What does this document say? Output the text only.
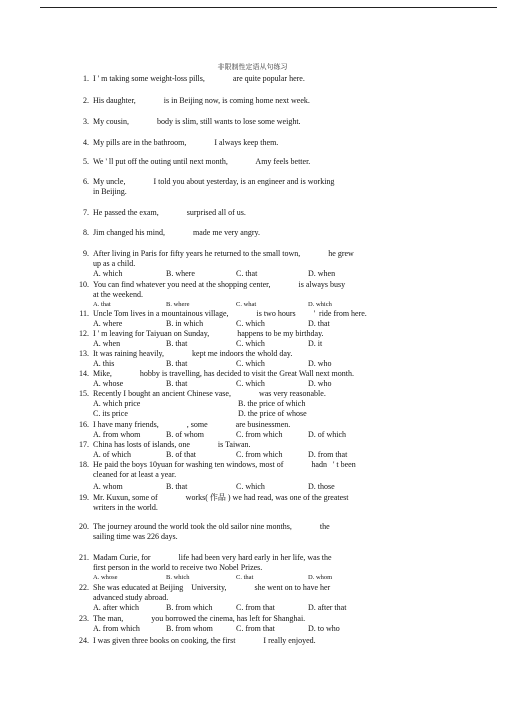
非限制性定语从句练习
1. I ' m taking some weight-loss pills,              are quite popular here.
2. His daughter,              is in Beijing now, is coming home next week.
3. My cousin,              body is slim, still wants to lose some weight.
4. My pills are in the bathroom,              I always keep them.
5. We ' ll put off the outing until next month,              Amy feels better.
6. My uncle,              I told you about yesterday, is an engineer and is working
in Beijing.
7. He passed the exam,              surprised all of us.
8. Jim changed his mind,              made me very angry.
9. After living in Paris for fifty years he returned to the small town,              he grew
up as a child.
10. You can find whatever you need at the shopping center,              is always busy
at the weekend.
11. Uncle Tom lives in a mountainous village,              is two hours         '  ride from here.
12. I ' m leaving for Taiyuan on Sunday,              happens to be my birthday.
13. It was raining heavily,              kept me indoors the whold day.
14. Mike,              hobby is travelling, has decided to visit the Great Wall next month.
15. Recently I bought an ancient Chinese vase,              was very reasonable.
16. I have many friends,              , some              are businessmen.
17. China has losts of islands, one              is Taiwan.
18. He paid the boys 10yuan for washing ten windows, most of              hadn   ' t been
cleaned for at least a year.
19. Mr. Kuxun, some of              works( 作品 ) we had read, was one of the greatest
writers in the world.
20. The journey around the world took the old sailor nine months,              the
sailing time was 226 days.
21. Madam Curie, for              life had been very hard early in her life, was the
first person in the world to receive two Nobel Prizes.
22. She was educated at Beijing    University,              she went on to have her
advanced study abroad.
23. The man,              you borrowed the cinema, has left for Shanghai.
24. I was given three books on cooking, the first              I really enjoyed.
A. which	B. where	C. that	D. when
A. that	B. where	C. what	D. which
A. where	B. in which	C. which	D. that
A. when	B. that	C. which	D. it
A. this	B. that	C. which	D. who
A. whose	B. that	C. which	D. who
A. which price	B. the price of which
C. its price	D. the price of whose
A. from whom	B. of whom	C. from which	D. of which
A. of which	B. of that	C. from which	D. from that
A. whom	B. that	C. which	D. those
A. whose	B. which	C. that	D. whom
A. after which	B. from which	C. from that	D. after that
A. from which	B. from whom	C. from that	D. to who
